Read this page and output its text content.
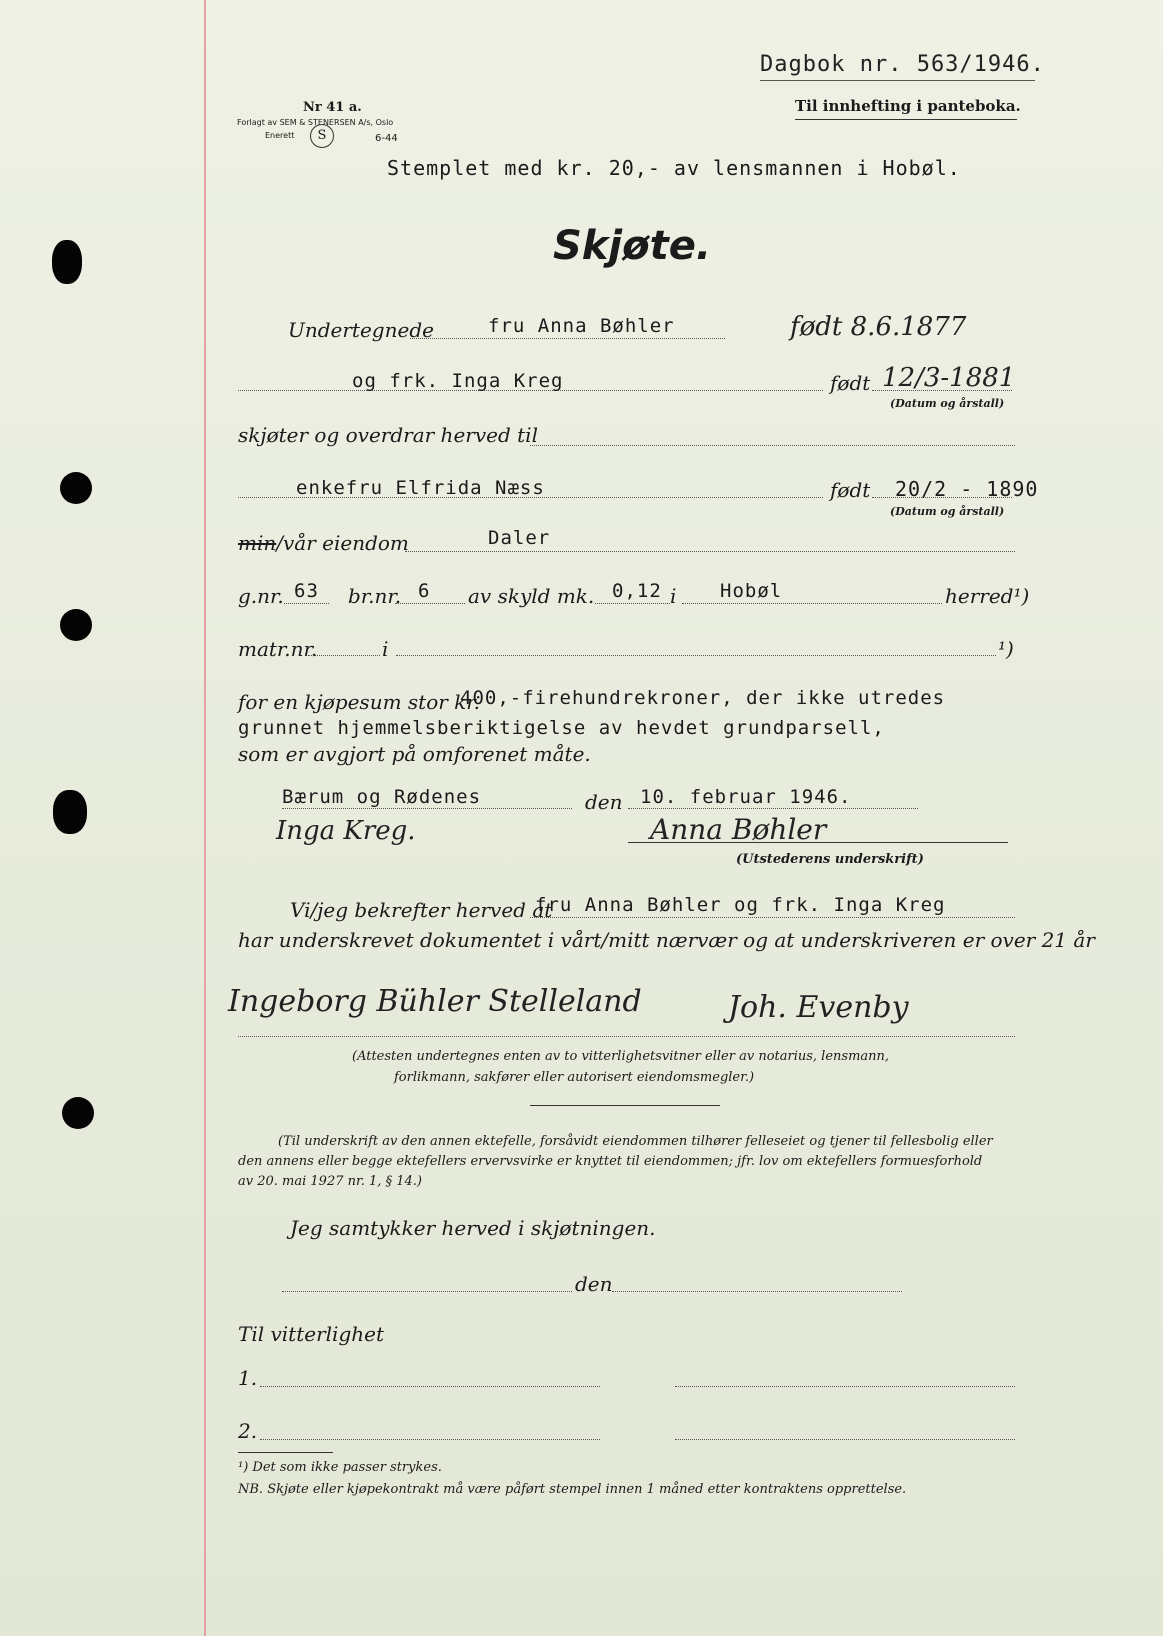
Dagbok nr. 563/1946.
Til innhefting i panteboka.
Nr 41 a.
Forlagt av SEM & STENERSEN A/s, Oslo
Enerett	S	6-44
Stemplet med kr. 20,- av lensmannen i Hobøl.
Skjøte.
Undertegnede	fru Anna Bøhler	født 8.6.1877
og frk. Inga Kreg	født 12/3-1881
(Datum og årstall)
skjøter og overdrar herved til
enkefru Elfrida Næss	født 20/2 - 1890
(Datum og årstall)
min/vår eiendom	Daler
g.nr. 63 br.nr. 6 av skyld mk. 0,12 i Hobøl	herred¹)
matr.nr.	i	¹)
for en kjøpesum stor kr.
400,-firehundrekroner, der ikke utredes
grunnet hjemmelsberiktigelse av hevdet grundparsell,
som er avgjort på omforenet måte.
Bærum og Rødenes	den 10. februar 1946.
Inga Kreg.	Anna Bøhler
(Utstederens underskrift)
Vi/jeg bekrefter herved at
fru Anna Bøhler og frk. Inga Kreg
har underskrevet dokumentet i vårt/mitt nærvær og at underskriveren er over 21 år
Ingeborg Bühler Stelleland	Joh. Evenby
(Attesten undertegnes enten av to vitterlighetsvitner eller av notarius, lensmann,
forlikmann, sakfører eller autorisert eiendomsmegler.)
(Til underskrift av den annen ektefelle, forsåvidt eiendommen tilhører felleseiet og tjener til fellesbolig eller
den annens eller begge ektefellers ervervsvirke er knyttet til eiendommen; jfr. lov om ektefellers formuesforhold
av 20. mai 1927 nr. 1, § 14.)
Jeg samtykker herved i skjøtningen.
den
Til vitterlighet
1.
2.
¹) Det som ikke passer strykes.
NB. Skjøte eller kjøpekontrakt må være påført stempel innen 1 måned etter kontraktens opprettelse.
